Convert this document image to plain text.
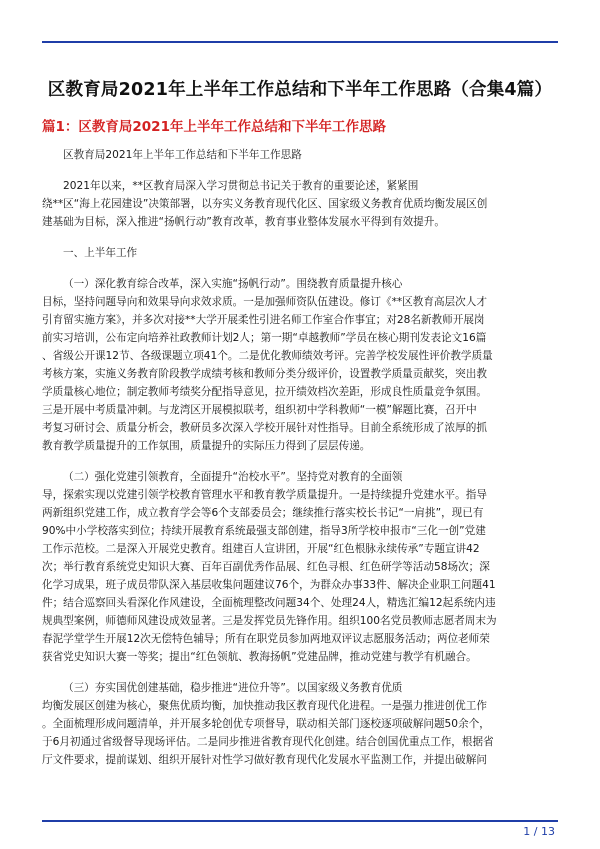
区教育局2021年上半年工作总结和下半年工作思路（合集4篇）
篇1：区教育局2021年上半年工作总结和下半年工作思路
区教育局2021年上半年工作总结和下半年工作思路
2021年以来，**区教育局深入学习贯彻总书记关于教育的重要论述，紧紧围
绕**区“海上花园建设”决策部署，以夯实义务教育现代化区、国家级义务教育优质均衡发展区创
建基础为目标，深入推进“扬帆行动”教育改革，教育事业整体发展水平得到有效提升。
一、上半年工作
（一）深化教育综合改革，深入实施“扬帆行动”。围绕教育质量提升核心
目标，坚持问题导向和效果导向求效求质。一是加强师资队伍建设。修订《**区教育高层次人才
引育留实施方案》，并多次对接**大学开展柔性引进名师工作室合作事宜；对28名新教师开展岗
前实习培训，公布定向培养社政教师计划2人；第一期“卓越教师”学员在核心期刊发表论文16篇
、省级公开课12节、各级课题立项41个。二是优化教师绩效考评。完善学校发展性评价教学质量
考核方案，实施义务教育阶段教学成绩考核和教师分类分级评价，设置教学质量贡献奖，突出教
学质量核心地位；制定教师考绩奖分配指导意见，拉开绩效档次差距，形成良性质量竞争氛围。
三是开展中考质量冲刺。与龙湾区开展模拟联考，组织初中学科教师“一模”解题比赛，召开中
考复习研讨会、质量分析会，教研员多次深入学校开展针对性指导。目前全系统形成了浓厚的抓
教育教学质量提升的工作氛围，质量提升的实际压力得到了层层传递。
（二）强化党建引领教育，全面提升“治校水平”。坚持党对教育的全面领
导，探索实现以党建引领学校教育管理水平和教育教学质量提升。一是持续提升党建水平。指导
两新组织党建工作，成立教育学会等6个支部委员会；继续推行落实校长书记“一肩挑”，现已有
90%中小学校落实到位；持续开展教育系统最强支部创建，指导3所学校申报市“三化一创”党建
工作示范校。二是深入开展党史教育。组建百人宣讲团，开展“红色根脉永续传承”专题宣讲42
次；举行教育系统党史知识大赛、百年百副优秀作品展、红色寻根、红色研学等活动58场次；深
化学习成果，班子成员带队深入基层收集问题建议76个，为群众办事33件、解决企业职工问题41
件；结合巡察回头看深化作风建设，全面梳理整改问题34个、处理24人，精选汇编12起系统内违
规典型案例，师德师风建设成效显著。三是发挥党员先锋作用。组织100名党员教师志愿者周末为
春泥学堂学生开展12次无偿特色辅导；所有在职党员参加两地双评议志愿服务活动；两位老师荣
获省党史知识大赛一等奖；提出“红色领航、教海扬帆”党建品牌，推动党建与教学有机融合。
（三）夯实国优创建基础，稳步推进“进位升等”。以国家级义务教育优质
均衡发展区创建为核心，聚焦优质均衡，加快推动我区教育现代化进程。一是强力推进创优工作
。全面梳理形成问题清单，并开展多轮创优专项督导，联动相关部门逐校逐项破解问题50余个，
于6月初通过省级督导现场评估。二是同步推进省教育现代化创建。结合创国优重点工作，根据省
厅文件要求，提前谋划、组织开展针对性学习做好教育现代化发展水平监测工作，并提出破解问
1 / 13
